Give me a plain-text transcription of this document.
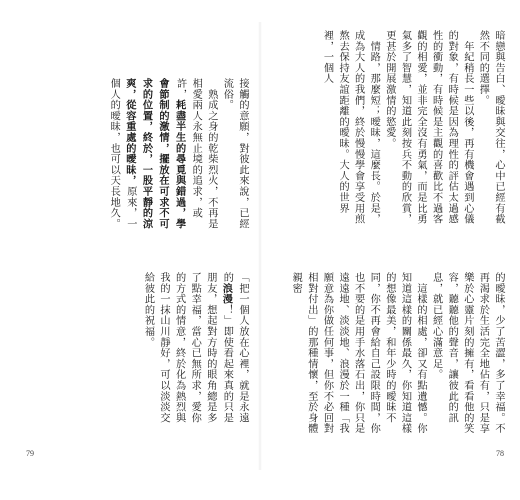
暗戀與告白、曖昧與交往，心中已經有截然不同的選擇。
　年紀稍長一些以後，再有機會遇到心儀的對象，有時候是因為理性的評估太過感性的衝動，有時候是主觀的喜歡比不過客觀的相愛，並非完全沒有勇氣，而是比勇氣多了智慧，知道此刻按兵不動的欣賞，更甚於開展激情的慾愛。
　情路，那麼短；曖昧，這麼長。於是，成為大人的我們，終於慢慢學會享受用煎熬去保持友誼距離的曖昧。大人的世界裡，一個人
的曖昧，少了苦澀，多了幸福。不再渴求於生活完全地佔有，只是享樂於心靈片刻的擁有，看看他的笑容，聽聽他的聲音，讓彼此的訊息，就已經心滿意足。
　這樣的相處，卻又有點遺憾。你知道這樣的關係最久，你知道這樣的想像最美，和年少時的曖昧不同，你不再會給自己設限時間，你也不要的是用手水落石出，你只是遠遠地、淡淡地、浪漫於一種「我願意為你做任何事，但你不必回對相對付出」的那種情懷，至於身體親密
78
接觸的意願，對彼此來說，已經流俗。
　熟成之身的乾柴烈火，不再是相愛兩人永無止境的追求，或許，耗盡半生的尋覓與錯過，學會節制的激情，擺放在可求不可求的位置，終於，一股平靜的涼爽，從容重處的曖昧，原來，一個人的曖昧，也可以天長地久。
「把一個人放在心裡，就是永遠的浪漫！」即使看起來真的只是朋友，想起對方時的眼角總是多了點幸福，當心已無所求，愛你的方式的情意，終於化為熱烈與我的一抹山川靜好，可以淡淡交給彼此的祝福。
79
